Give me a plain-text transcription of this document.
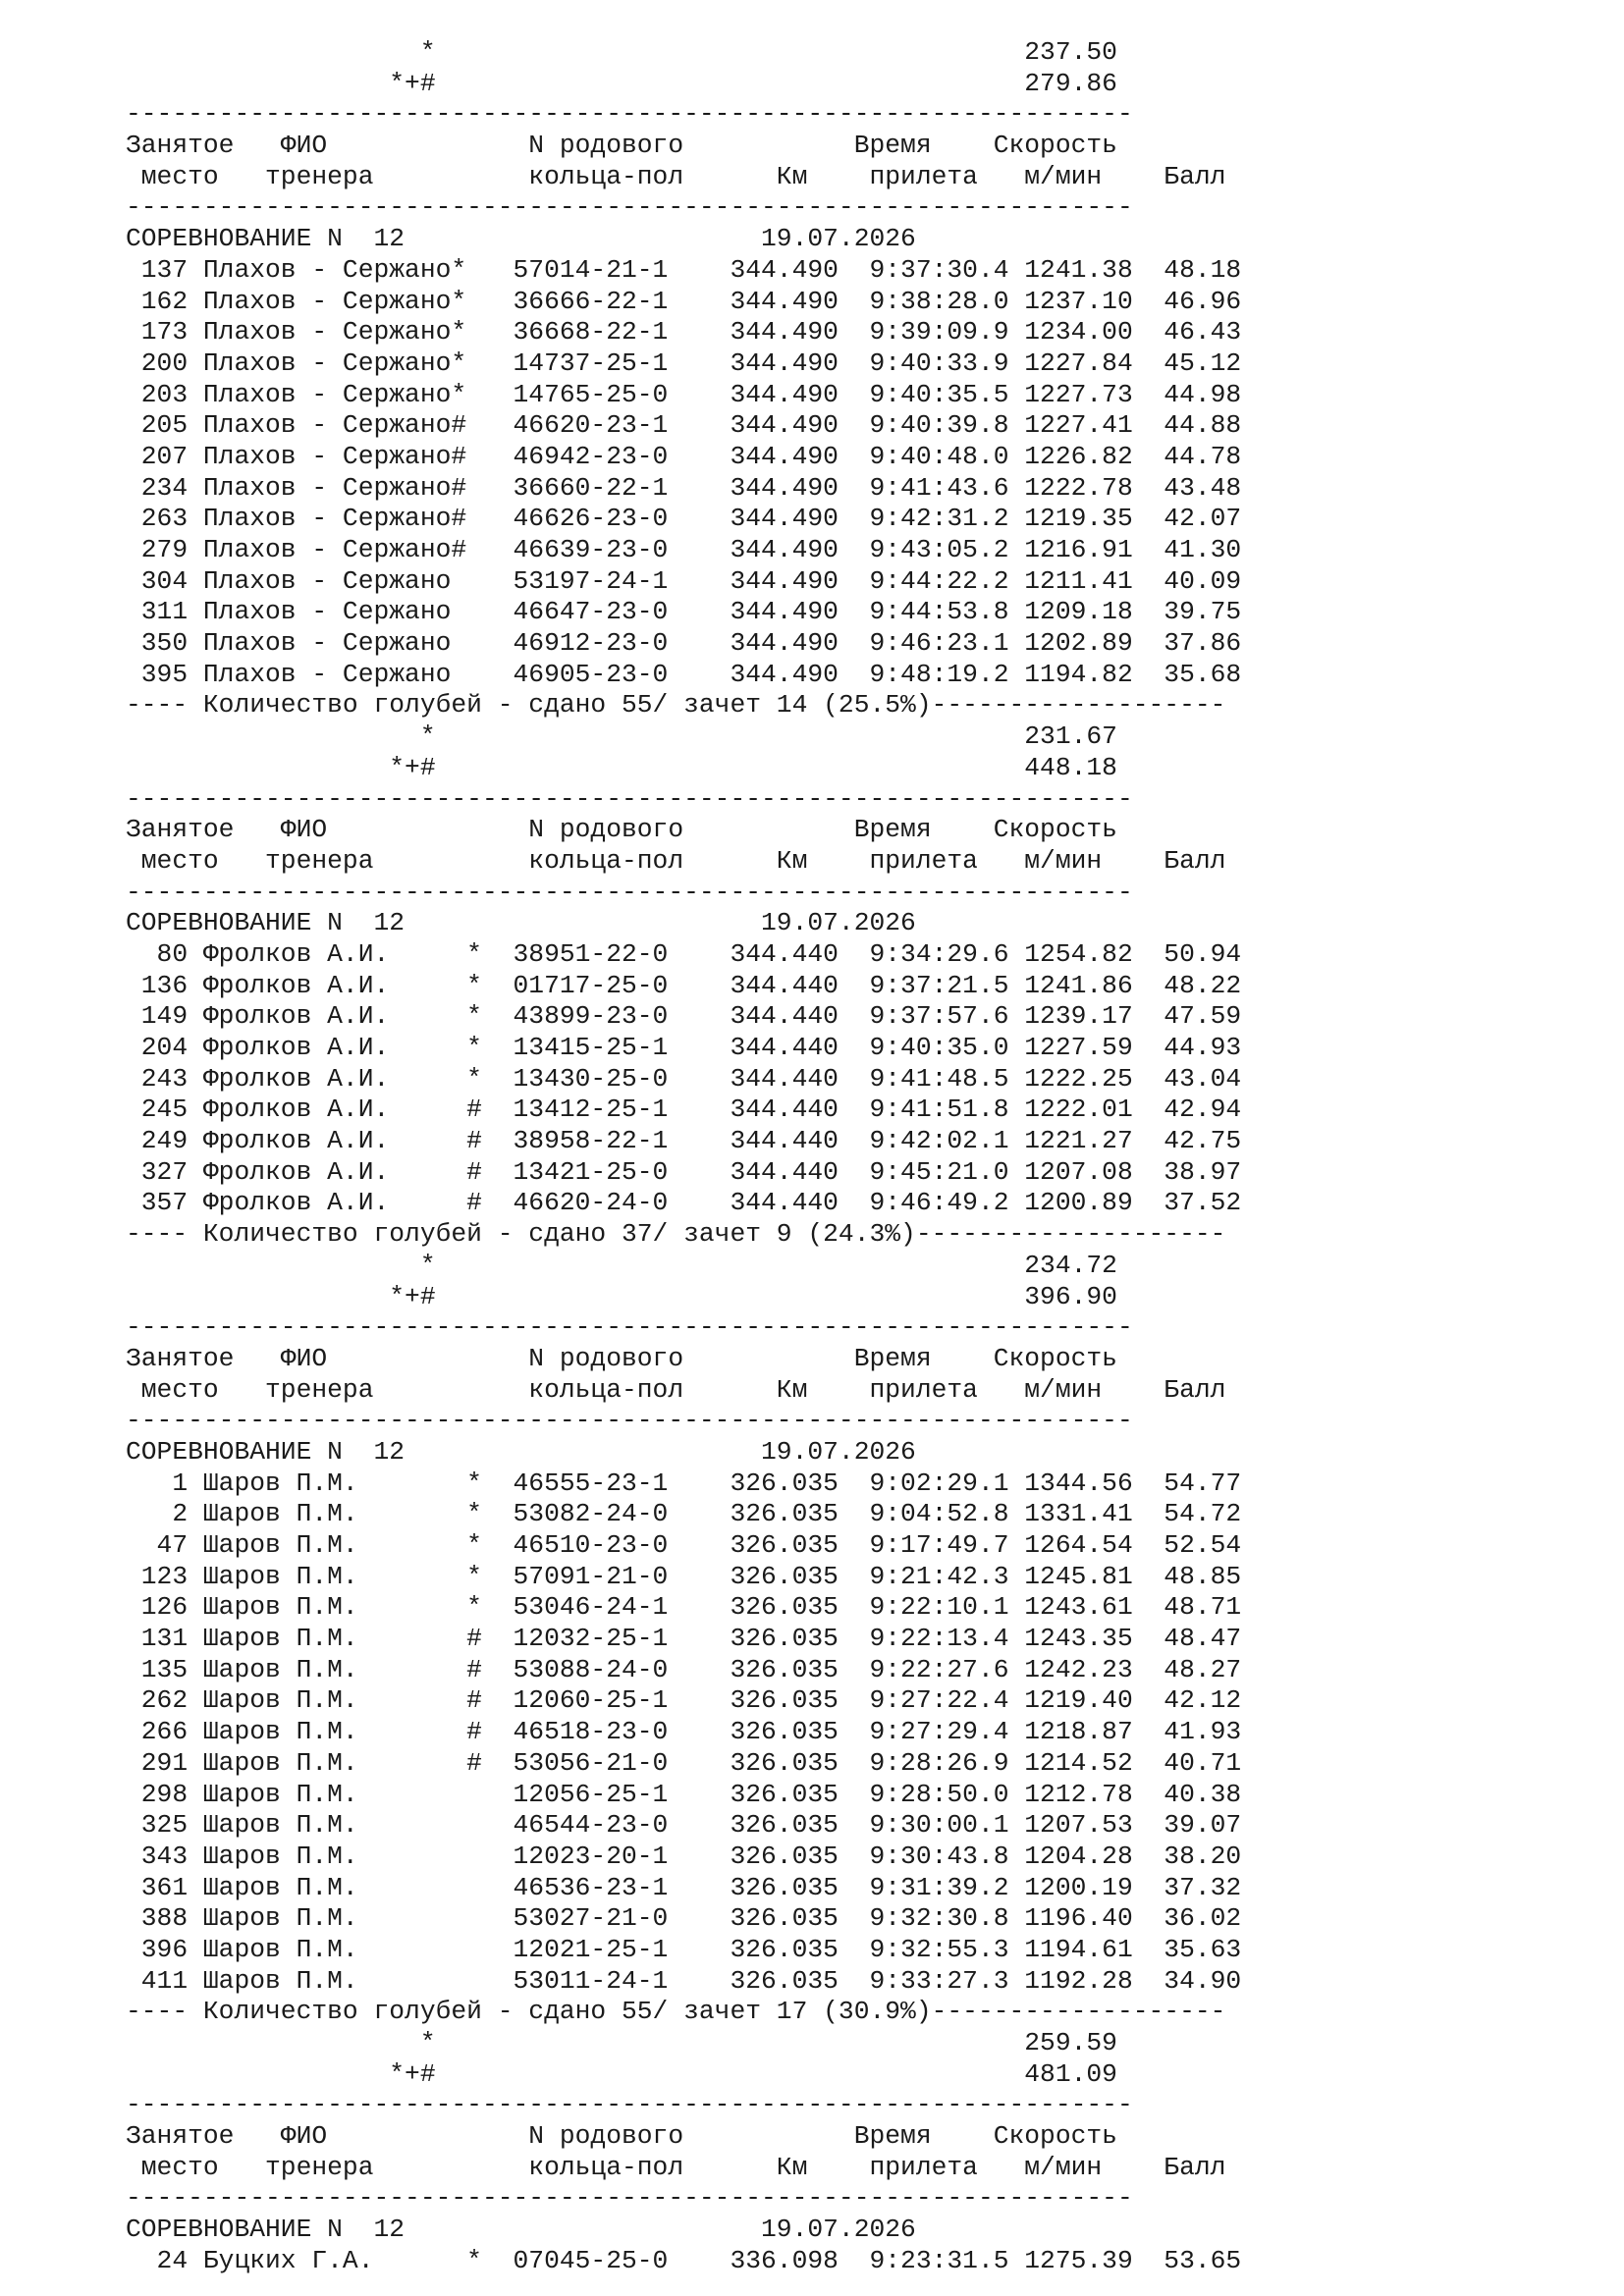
*                                      237.50
*+#                                      279.86
-----------------------------------------------------------------
Занятое   ФИО             N родового           Время    Скорость
место   тренера          кольца-пол      Км    прилета   м/мин    Балл
-----------------------------------------------------------------
СОРЕВНОВАНИЕ N  12                       19.07.2026
137 Плахов - Сержано*   57014-21-1    344.490  9:37:30.4 1241.38  48.18
162 Плахов - Сержано*   36666-22-1    344.490  9:38:28.0 1237.10  46.96
173 Плахов - Сержано*   36668-22-1    344.490  9:39:09.9 1234.00  46.43
200 Плахов - Сержано*   14737-25-1    344.490  9:40:33.9 1227.84  45.12
203 Плахов - Сержано*   14765-25-0    344.490  9:40:35.5 1227.73  44.98
205 Плахов - Сержано#   46620-23-1    344.490  9:40:39.8 1227.41  44.88
207 Плахов - Сержано#   46942-23-0    344.490  9:40:48.0 1226.82  44.78
234 Плахов - Сержано#   36660-22-1    344.490  9:41:43.6 1222.78  43.48
263 Плахов - Сержано#   46626-23-0    344.490  9:42:31.2 1219.35  42.07
279 Плахов - Сержано#   46639-23-0    344.490  9:43:05.2 1216.91  41.30
304 Плахов - Сержано    53197-24-1    344.490  9:44:22.2 1211.41  40.09
311 Плахов - Сержано    46647-23-0    344.490  9:44:53.8 1209.18  39.75
350 Плахов - Сержано    46912-23-0    344.490  9:46:23.1 1202.89  37.86
395 Плахов - Сержано    46905-23-0    344.490  9:48:19.2 1194.82  35.68
---- Количество голубей - сдано 55/ зачет 14 (25.5%)-------------------
*                                      231.67
*+#                                      448.18
-----------------------------------------------------------------
Занятое   ФИО             N родового           Время    Скорость
место   тренера          кольца-пол      Км    прилета   м/мин    Балл
-----------------------------------------------------------------
СОРЕВНОВАНИЕ N  12                       19.07.2026
80 Фролков А.И.     *  38951-22-0    344.440  9:34:29.6 1254.82  50.94
136 Фролков А.И.     *  01717-25-0    344.440  9:37:21.5 1241.86  48.22
149 Фролков А.И.     *  43899-23-0    344.440  9:37:57.6 1239.17  47.59
204 Фролков А.И.     *  13415-25-1    344.440  9:40:35.0 1227.59  44.93
243 Фролков А.И.     *  13430-25-0    344.440  9:41:48.5 1222.25  43.04
245 Фролков А.И.     #  13412-25-1    344.440  9:41:51.8 1222.01  42.94
249 Фролков А.И.     #  38958-22-1    344.440  9:42:02.1 1221.27  42.75
327 Фролков А.И.     #  13421-25-0    344.440  9:45:21.0 1207.08  38.97
357 Фролков А.И.     #  46620-24-0    344.440  9:46:49.2 1200.89  37.52
---- Количество голубей - сдано 37/ зачет 9 (24.3%)--------------------
*                                      234.72
*+#                                      396.90
-----------------------------------------------------------------
Занятое   ФИО             N родового           Время    Скорость
место   тренера          кольца-пол      Км    прилета   м/мин    Балл
-----------------------------------------------------------------
СОРЕВНОВАНИЕ N  12                       19.07.2026
1 Шаров П.М.       *  46555-23-1    326.035  9:02:29.1 1344.56  54.77
2 Шаров П.М.       *  53082-24-0    326.035  9:04:52.8 1331.41  54.72
47 Шаров П.М.       *  46510-23-0    326.035  9:17:49.7 1264.54  52.54
123 Шаров П.М.       *  57091-21-0    326.035  9:21:42.3 1245.81  48.85
126 Шаров П.М.       *  53046-24-1    326.035  9:22:10.1 1243.61  48.71
131 Шаров П.М.       #  12032-25-1    326.035  9:22:13.4 1243.35  48.47
135 Шаров П.М.       #  53088-24-0    326.035  9:22:27.6 1242.23  48.27
262 Шаров П.М.       #  12060-25-1    326.035  9:27:22.4 1219.40  42.12
266 Шаров П.М.       #  46518-23-0    326.035  9:27:29.4 1218.87  41.93
291 Шаров П.М.       #  53056-21-0    326.035  9:28:26.9 1214.52  40.71
298 Шаров П.М.          12056-25-1    326.035  9:28:50.0 1212.78  40.38
325 Шаров П.М.          46544-23-0    326.035  9:30:00.1 1207.53  39.07
343 Шаров П.М.          12023-20-1    326.035  9:30:43.8 1204.28  38.20
361 Шаров П.М.          46536-23-1    326.035  9:31:39.2 1200.19  37.32
388 Шаров П.М.          53027-21-0    326.035  9:32:30.8 1196.40  36.02
396 Шаров П.М.          12021-25-1    326.035  9:32:55.3 1194.61  35.63
411 Шаров П.М.          53011-24-1    326.035  9:33:27.3 1192.28  34.90
---- Количество голубей - сдано 55/ зачет 17 (30.9%)-------------------
*                                      259.59
*+#                                      481.09
-----------------------------------------------------------------
Занятое   ФИО             N родового           Время    Скорость
место   тренера          кольца-пол      Км    прилета   м/мин    Балл
-----------------------------------------------------------------
СОРЕВНОВАНИЕ N  12                       19.07.2026
24 Буцких Г.А.      *  07045-25-0    336.098  9:23:31.5 1275.39  53.65
